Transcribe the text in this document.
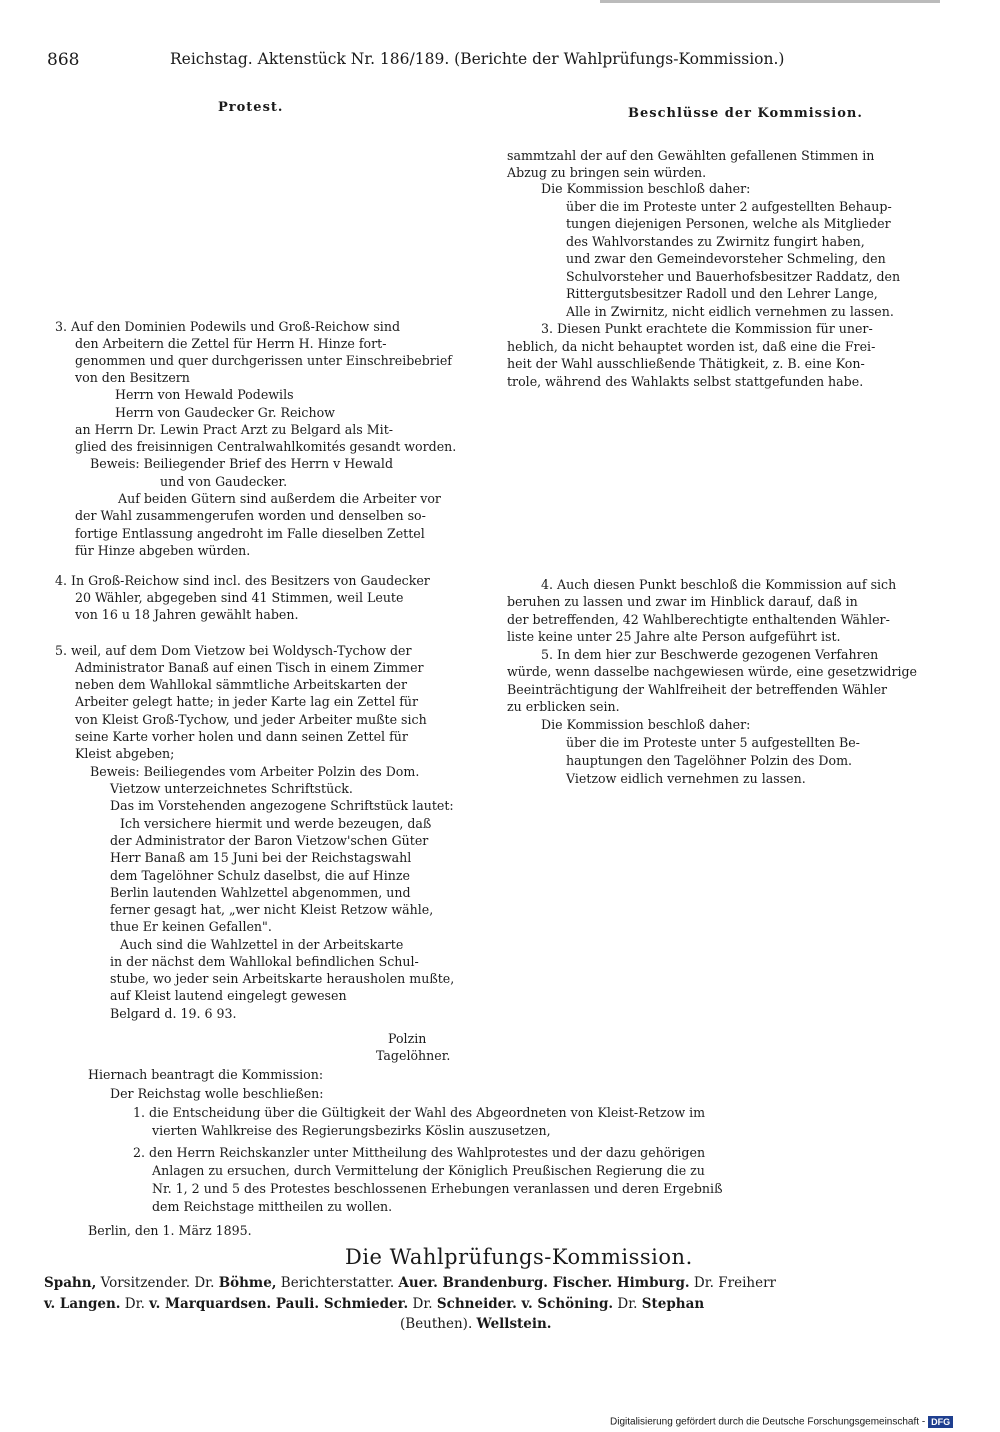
868	Reichstag. Aktenstück Nr. 186/189. (Berichte der Wahlprüfungs-Kommission.)
Protest.	Beschlüsse der Kommission.
sammtzahl der auf den Gewählten gefallenen Stimmen in
Abzug zu bringen sein würden.
Die Kommission beschloß daher:
über die im Proteste unter 2 aufgestellten Behaup-
tungen diejenigen Personen, welche als Mitglieder
des Wahlvorstandes zu Zwirnitz fungirt haben,
und zwar den Gemeindevorsteher Schmeling, den
Schulvorsteher und Bauerhofsbesitzer Raddatz, den
Rittergutsbesitzer Radoll und den Lehrer Lange,
Alle in Zwirnitz, nicht eidlich vernehmen zu lassen.
3. Diesen Punkt erachtete die Kommission für uner-
heblich, da nicht behauptet worden ist, daß eine die Frei-
heit der Wahl ausschließende Thätigkeit, z. B. eine Kon-
trole, während des Wahlakts selbst stattgefunden habe.
3. Auf den Dominien Podewils und Groß-Reichow sind
den Arbeitern die Zettel für Herrn H. Hinze fort-
genommen und quer durchgerissen unter Einschreibebrief
von den Besitzern
Herrn von Hewald Podewils
Herrn von Gaudecker Gr. Reichow
an Herrn Dr. Lewin Pract Arzt zu Belgard als Mit-
glied des freisinnigen Centralwahlkomités gesandt worden.
Beweis: Beiliegender Brief des Herrn v Hewald
und von Gaudecker.
Auf beiden Gütern sind außerdem die Arbeiter vor
der Wahl zusammengerufen worden und denselben so-
fortige Entlassung angedroht im Falle dieselben Zettel
für Hinze abgeben würden.
4. In Groß-Reichow sind incl. des Besitzers von Gaudecker
20 Wähler, abgegeben sind 41 Stimmen, weil Leute
von 16 u 18 Jahren gewählt haben.
4. Auch diesen Punkt beschloß die Kommission auf sich
beruhen zu lassen und zwar im Hinblick darauf, daß in
der betreffenden, 42 Wahlberechtigte enthaltenden Wähler-
liste keine unter 25 Jahre alte Person aufgeführt ist.
5. In dem hier zur Beschwerde gezogenen Verfahren
würde, wenn dasselbe nachgewiesen würde, eine gesetzwidrige
Beeinträchtigung der Wahlfreiheit der betreffenden Wähler
zu erblicken sein.
Die Kommission beschloß daher:
über die im Proteste unter 5 aufgestellten Be-
hauptungen den Tagelöhner Polzin des Dom.
Vietzow eidlich vernehmen zu lassen.
5. weil, auf dem Dom Vietzow bei Woldysch-Tychow der
Administrator Banaß auf einen Tisch in einem Zimmer
neben dem Wahllokal sämmtliche Arbeitskarten der
Arbeiter gelegt hatte; in jeder Karte lag ein Zettel für
von Kleist Groß-Tychow, und jeder Arbeiter mußte sich
seine Karte vorher holen und dann seinen Zettel für
Kleist abgeben;
Beweis: Beiliegendes vom Arbeiter Polzin des Dom.
Vietzow unterzeichnetes Schriftstück.
Das im Vorstehenden angezogene Schriftstück lautet:
Ich versichere hiermit und werde bezeugen, daß
der Administrator der Baron Vietzow'schen Güter
Herr Banaß am 15 Juni bei der Reichstagswahl
dem Tagelöhner Schulz daselbst, die auf Hinze
Berlin lautenden Wahlzettel abgenommen, und
ferner gesagt hat, „wer nicht Kleist Retzow wähle,
thue Er keinen Gefallen".
Auch sind die Wahlzettel in der Arbeitskarte
in der nächst dem Wahllokal befindlichen Schul-
stube, wo jeder sein Arbeitskarte herausholen mußte,
auf Kleist lautend eingelegt gewesen
Belgard d. 19. 6 93.
Polzin
Tagelöhner.
Hiernach beantragt die Kommission:
Der Reichstag wolle beschließen:
1. die Entscheidung über die Gültigkeit der Wahl des Abgeordneten von Kleist-Retzow im
vierten Wahlkreise des Regierungsbezirks Köslin auszusetzen,
2. den Herrn Reichskanzler unter Mittheilung des Wahlprotestes und der dazu gehörigen
Anlagen zu ersuchen, durch Vermittelung der Königlich Preußischen Regierung die zu
Nr. 1, 2 und 5 des Protestes beschlossenen Erhebungen veranlassen und deren Ergebniß
dem Reichstage mittheilen zu wollen.
Berlin, den 1. März 1895.
Die Wahlprüfungs-Kommission.
Spahn, Vorsitzender. Dr. Böhme, Berichterstatter. Auer. Brandenburg. Fischer. Himburg. Dr. Freiherr
v. Langen. Dr. v. Marquardsen. Pauli. Schmieder. Dr. Schneider. v. Schöning. Dr. Stephan
(Beuthen). Wellstein.
Digitalisierung gefördert durch die Deutsche Forschungsgemeinschaft - DFG
